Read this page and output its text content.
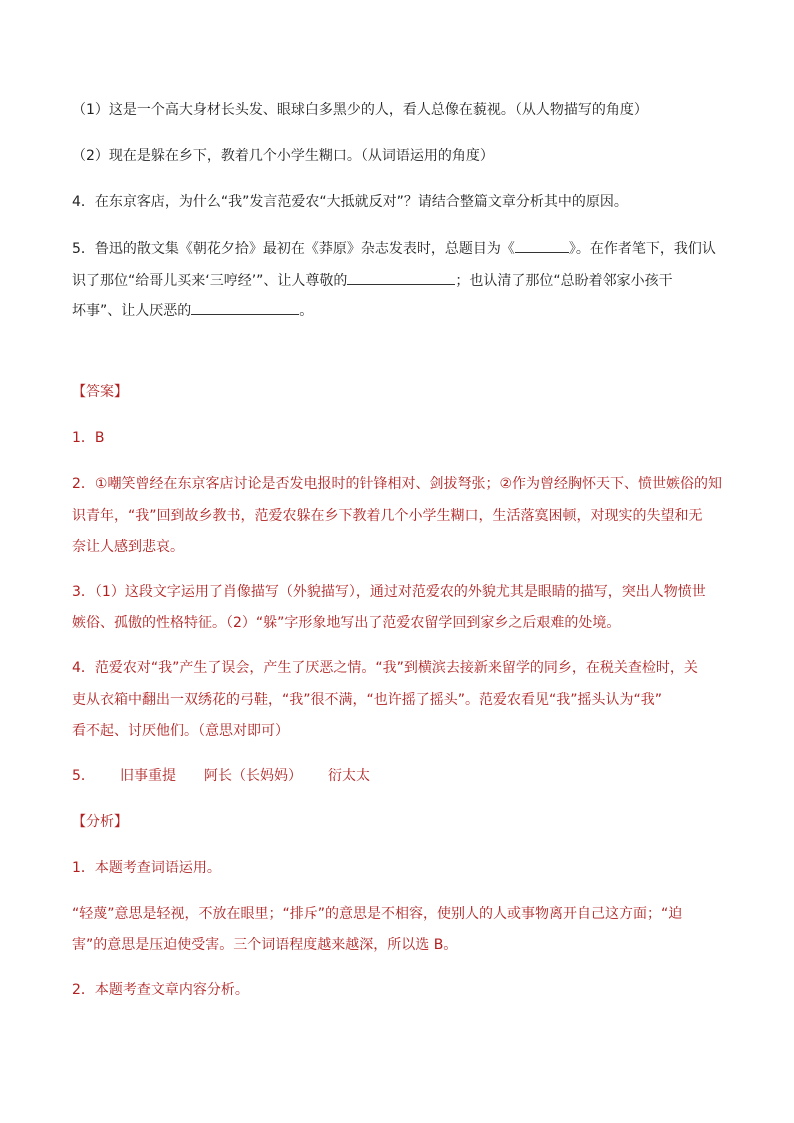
（1）这是一个高大身材长头发、眼球白多黑少的人，看人总像在藐视。（从人物描写的角度）
（2）现在是躲在乡下，教着几个小学生糊口。（从词语运用的角度）
4．在东京客店，为什么“我”发言范爱农“大抵就反对”？请结合整篇文章分析其中的原因。
5．鲁迅的散文集《朝花夕拾》最初在《莽原》杂志发表时，总题目为《	》。在作者笔下，我们认
识了那位“给哥儿买来‘三哼经’”、让人尊敬的	；也认清了那位“总盼着邻家小孩干
坏事”、让人厌恶的	。
【答案】
1．B
2．①嘲笑曾经在东京客店讨论是否发电报时的针锋相对、剑拔弩张；②作为曾经胸怀天下、愤世嫉俗的知
识青年，“我”回到故乡教书，范爱农躲在乡下教着几个小学生糊口，生活落寞困顿，对现实的失望和无
奈让人感到悲哀。
3．（1）这段文字运用了肖像描写（外貌描写），通过对范爱农的外貌尤其是眼睛的描写，突出人物愤世
嫉俗、孤傲的性格特征。（2）“躲”字形象地写出了范爱农留学回到家乡之后艰难的处境。
4．范爱农对“我”产生了误会，产生了厌恶之情。“我”到横滨去接新来留学的同乡，在税关查检时，关
吏从衣箱中翻出一双绣花的弓鞋，“我”很不满，“也许摇了摇头”。范爱农看见“我”摇头认为“我”
看不起、讨厌他们。（意思对即可）
5． 旧事重提 阿长（长妈妈） 衍太太
【分析】
1．本题考查词语运用。
“轻蔑”意思是轻视，不放在眼里；“排斥”的意思是不相容，使别人的人或事物离开自己这方面；“迫
害”的意思是压迫使受害。三个词语程度越来越深，所以选 B。
2．本题考查文章内容分析。
